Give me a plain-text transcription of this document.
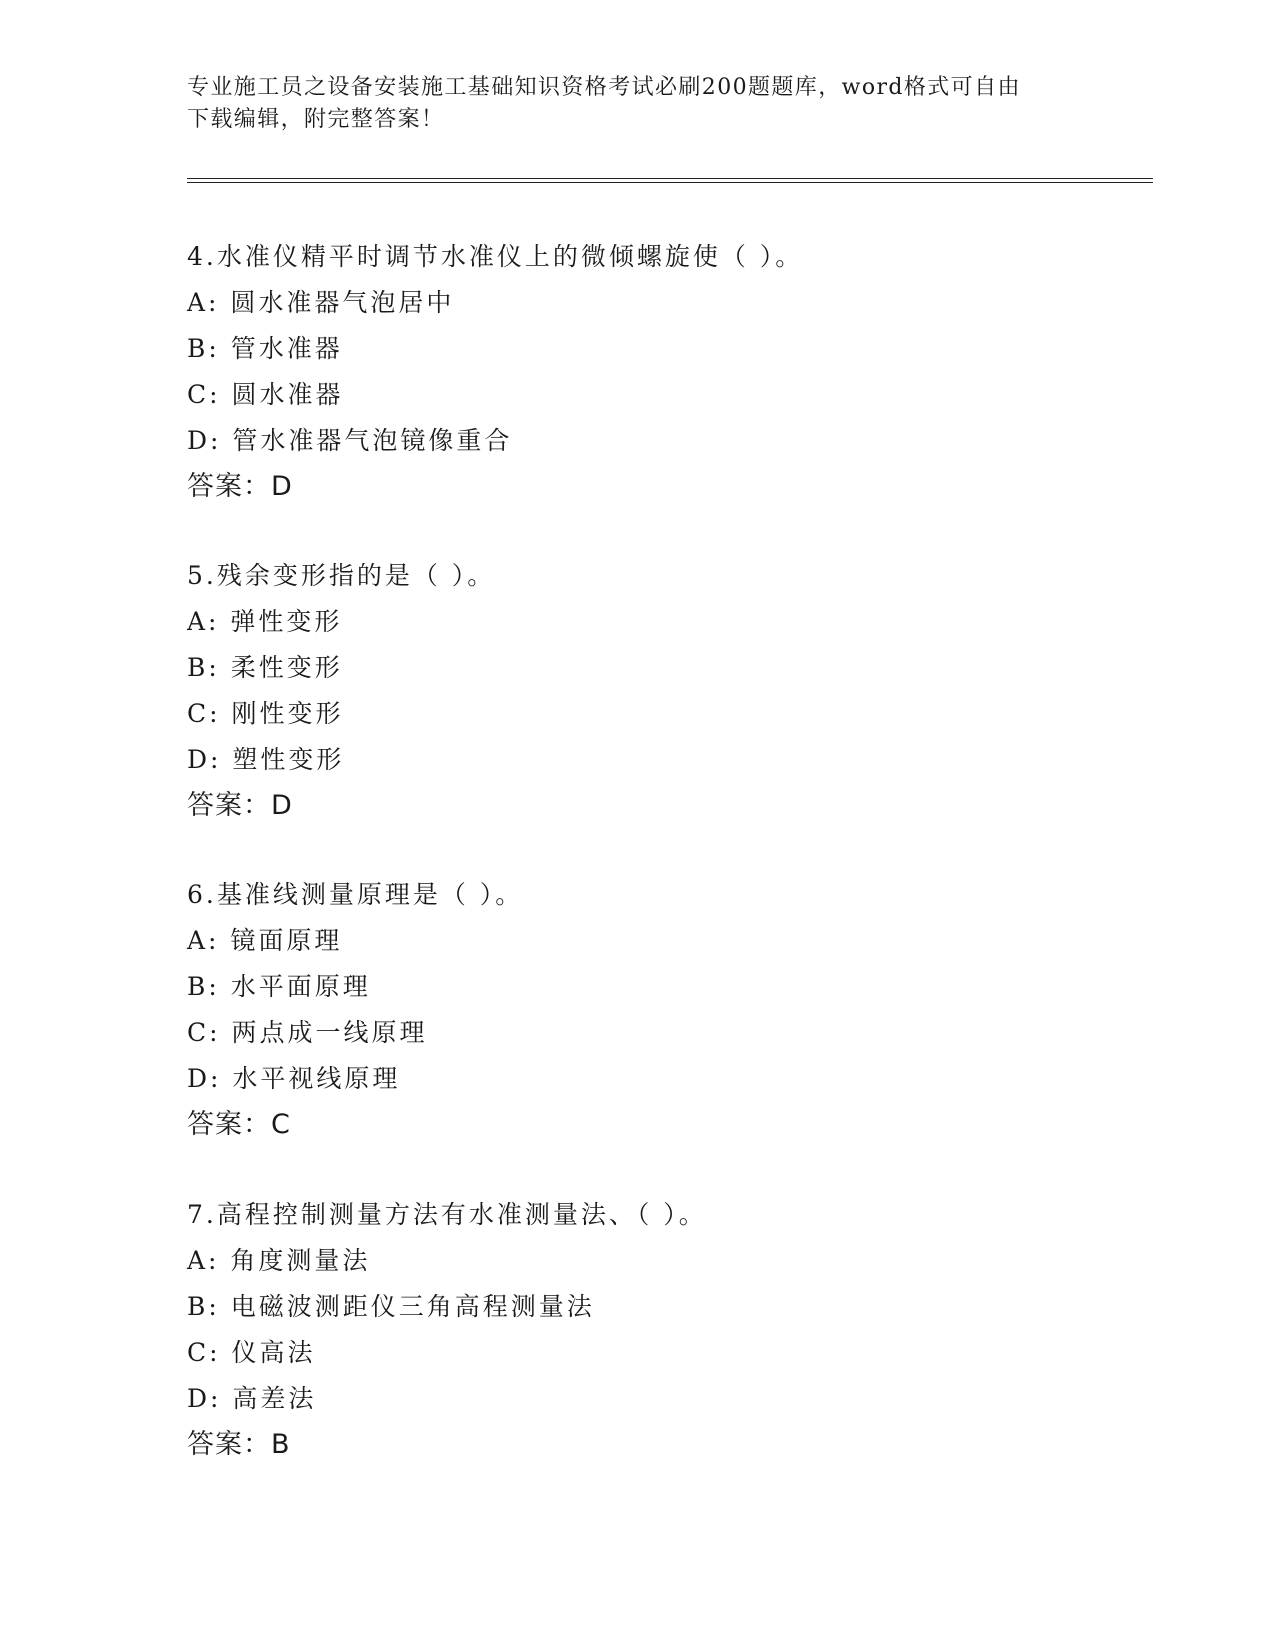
专业施工员之设备安装施工基础知识资格考试必刷200题题库，word格式可自由

下载编辑，附完整答案！

4.水准仪精平时调节水准仪上的微倾螺旋使（ ）。

A: 圆水准器气泡居中

B: 管水准器

C: 圆水准器

D: 管水准器气泡镜像重合

答案：D

5.残余变形指的是（ ）。

A: 弹性变形

B: 柔性变形

C: 刚性变形

D: 塑性变形

答案：D

6.基准线测量原理是（ ）。

A: 镜面原理

B: 水平面原理

C: 两点成一线原理

D: 水平视线原理

答案：C

7.高程控制测量方法有水准测量法、（ ）。

A: 角度测量法

B: 电磁波测距仪三角高程测量法

C: 仪高法

D: 高差法

答案：B
